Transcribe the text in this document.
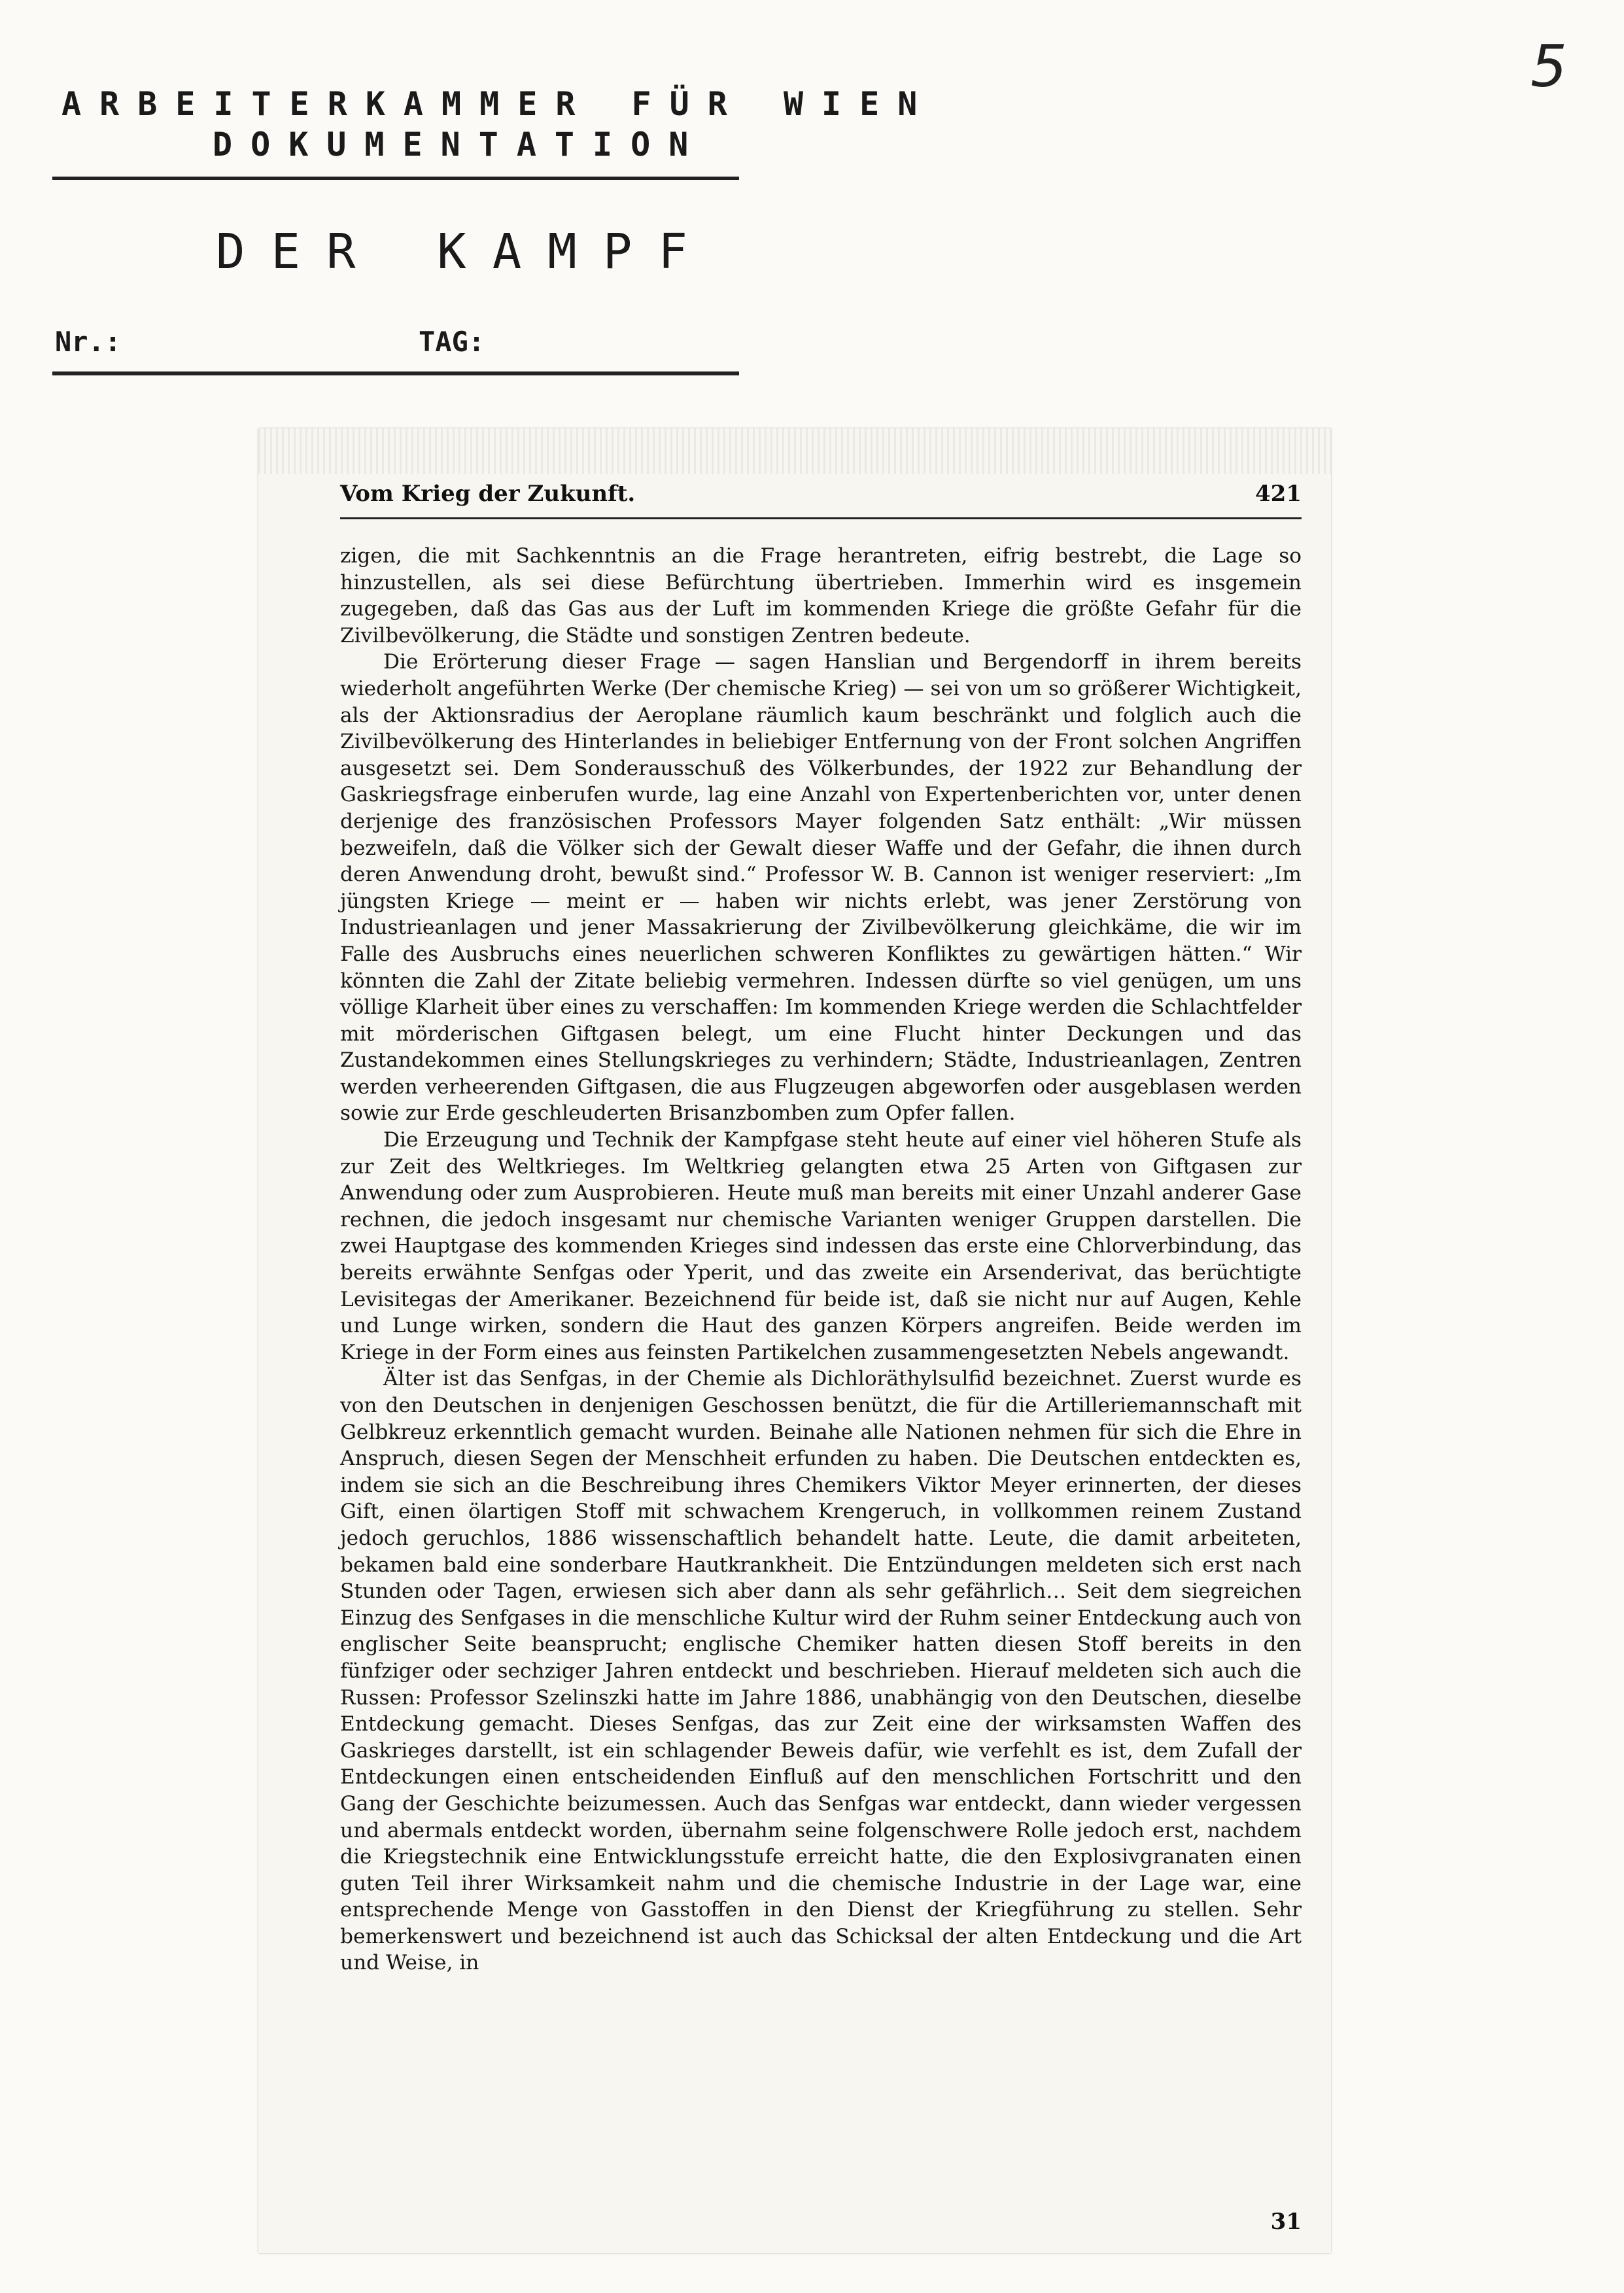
5
ARBEITERKAMMER FÜR WIEN
DOKUMENTATION
DER KAMPF
Nr.:	TAG:
Vom Krieg der Zukunft.	421

zigen, die mit Sachkenntnis an die Frage herantreten, eifrig bestrebt, die Lage so hinzustellen, als sei diese Befürchtung übertrieben. Immerhin wird es insgemein zugegeben, daß das Gas aus der Luft im kommenden Kriege die größte Gefahr für die Zivilbevölkerung, die Städte und sonstigen Zentren bedeute.

Die Erörterung dieser Frage — sagen Hanslian und Bergendorff in ihrem bereits wiederholt angeführten Werke (Der chemische Krieg) — sei von um so größerer Wichtigkeit, als der Aktionsradius der Aeroplane räumlich kaum beschränkt und folglich auch die Zivilbevölkerung des Hinterlandes in beliebiger Entfernung von der Front solchen Angriffen ausgesetzt sei. Dem Sonderausschuß des Völkerbundes, der 1922 zur Behandlung der Gaskriegsfrage einberufen wurde, lag eine Anzahl von Expertenberichten vor, unter denen derjenige des französischen Professors Mayer folgenden Satz enthält: „Wir müssen bezweifeln, daß die Völker sich der Gewalt dieser Waffe und der Gefahr, die ihnen durch deren Anwendung droht, bewußt sind.“ Professor W. B. Cannon ist weniger reserviert: „Im jüngsten Kriege — meint er — haben wir nichts erlebt, was jener Zerstörung von Industrieanlagen und jener Massakrierung der Zivilbevölkerung gleichkäme, die wir im Falle des Ausbruchs eines neuerlichen schweren Konfliktes zu gewärtigen hätten.“ Wir könnten die Zahl der Zitate beliebig vermehren. Indessen dürfte so viel genügen, um uns völlige Klarheit über eines zu verschaffen: Im kommenden Kriege werden die Schlachtfelder mit mörderischen Giftgasen belegt, um eine Flucht hinter Deckungen und das Zustandekommen eines Stellungskrieges zu verhindern; Städte, Industrieanlagen, Zentren werden verheerenden Giftgasen, die aus Flugzeugen abgeworfen oder ausgeblasen werden sowie zur Erde geschleuderten Brisanzbomben zum Opfer fallen.

Die Erzeugung und Technik der Kampfgase steht heute auf einer viel höheren Stufe als zur Zeit des Weltkrieges. Im Weltkrieg gelangten etwa 25 Arten von Giftgasen zur Anwendung oder zum Ausprobieren. Heute muß man bereits mit einer Unzahl anderer Gase rechnen, die jedoch insgesamt nur chemische Varianten weniger Gruppen darstellen. Die zwei Hauptgase des kommenden Krieges sind indessen das erste eine Chlorverbindung, das bereits erwähnte Senfgas oder Yperit, und das zweite ein Arsenderivat, das berüchtigte Levisitegas der Amerikaner. Bezeichnend für beide ist, daß sie nicht nur auf Augen, Kehle und Lunge wirken, sondern die Haut des ganzen Körpers angreifen. Beide werden im Kriege in der Form eines aus feinsten Partikelchen zusammengesetzten Nebels angewandt.

Älter ist das Senfgas, in der Chemie als Dichloräthylsulfid bezeichnet. Zuerst wurde es von den Deutschen in denjenigen Geschossen benützt, die für die Artilleriemannschaft mit Gelbkreuz erkenntlich gemacht wurden. Beinahe alle Nationen nehmen für sich die Ehre in Anspruch, diesen Segen der Menschheit erfunden zu haben. Die Deutschen entdeckten es, indem sie sich an die Beschreibung ihres Chemikers Viktor Meyer erinnerten, der dieses Gift, einen ölartigen Stoff mit schwachem Krengeruch, in vollkommen reinem Zustand jedoch geruchlos, 1886 wissenschaftlich behandelt hatte. Leute, die damit arbeiteten, bekamen bald eine sonderbare Hautkrankheit. Die Entzündungen meldeten sich erst nach Stunden oder Tagen, erwiesen sich aber dann als sehr gefährlich… Seit dem siegreichen Einzug des Senfgases in die menschliche Kultur wird der Ruhm seiner Entdeckung auch von englischer Seite beansprucht; englische Chemiker hatten diesen Stoff bereits in den fünfziger oder sechziger Jahren entdeckt und beschrieben. Hierauf meldeten sich auch die Russen: Professor Szelinszki hatte im Jahre 1886, unabhängig von den Deutschen, dieselbe Entdeckung gemacht. Dieses Senfgas, das zur Zeit eine der wirksamsten Waffen des Gaskrieges darstellt, ist ein schlagender Beweis dafür, wie verfehlt es ist, dem Zufall der Entdeckungen einen entscheidenden Einfluß auf den menschlichen Fortschritt und den Gang der Geschichte beizumessen. Auch das Senfgas war entdeckt, dann wieder vergessen und abermals entdeckt worden, übernahm seine folgenschwere Rolle jedoch erst, nachdem die Kriegstechnik eine Entwicklungsstufe erreicht hatte, die den Explosivgranaten einen guten Teil ihrer Wirksamkeit nahm und die chemische Industrie in der Lage war, eine entsprechende Menge von Gasstoffen in den Dienst der Kriegführung zu stellen. Sehr bemerkenswert und bezeichnend ist auch das Schicksal der alten Entdeckung und die Art und Weise, in

31
